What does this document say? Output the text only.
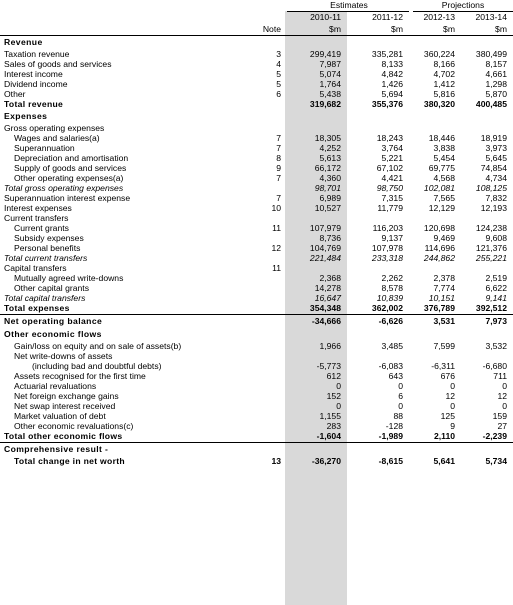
Estimates	Projections
		2010-11	2011-12	2012-13	2013-14
	Note	$m	$m	$m	$m
Revenue					
Taxation revenue	3	299,419	335,281	360,224	380,499
Sales of goods and services	4	7,987	8,133	8,166	8,157
Interest income	5	5,074	4,842	4,702	4,661
Dividend income	5	1,764	1,426	1,412	1,298
Other	6	5,438	5,694	5,816	5,870
Total revenue		319,682	355,376	380,320	400,485
Expenses					
Gross operating expenses					
Wages and salaries(a)	7	18,305	18,243	18,446	18,919
Superannuation	7	4,252	3,764	3,838	3,973
Depreciation and amortisation	8	5,613	5,221	5,454	5,645
Supply of goods and services	9	66,172	67,102	69,775	74,854
Other operating expenses(a)	7	4,360	4,421	4,568	4,734
Total gross operating expenses		98,701	98,750	102,081	108,125
Superannuation interest expense	7	6,989	7,315	7,565	7,832
Interest expenses	10	10,527	11,779	12,129	12,193
Current transfers					
Current grants	11	107,979	116,203	120,698	124,238
Subsidy expenses		8,736	9,137	9,469	9,608
Personal benefits	12	104,769	107,978	114,696	121,376
Total current transfers		221,484	233,318	244,862	255,221
Capital transfers	11				
Mutually agreed write-downs		2,368	2,262	2,378	2,519
Other capital grants		14,278	8,578	7,774	6,622
Total capital transfers		16,647	10,839	10,151	9,141
Total expenses		354,348	362,002	376,789	392,512
Net operating balance		-34,666	-6,626	3,531	7,973
Other economic flows					
Gain/loss on equity and on sale of assets(b)		1,966	3,485	7,599	3,532
Net write-downs of assets					
(including bad and doubtful debts)		-5,773	-6,083	-6,311	-6,680
Assets recognised for the first time		612	643	676	711
Actuarial revaluations		0	0	0	0
Net foreign exchange gains		152	6	12	12
Net swap interest received		0	0	0	0
Market valuation of debt		1,155	88	125	159
Other economic revaluations(c)		283	-128	9	27
Total other economic flows		-1,604	-1,989	2,110	-2,239
Comprehensive result -					
Total change in net worth	13	-36,270	-8,615	5,641	5,734
